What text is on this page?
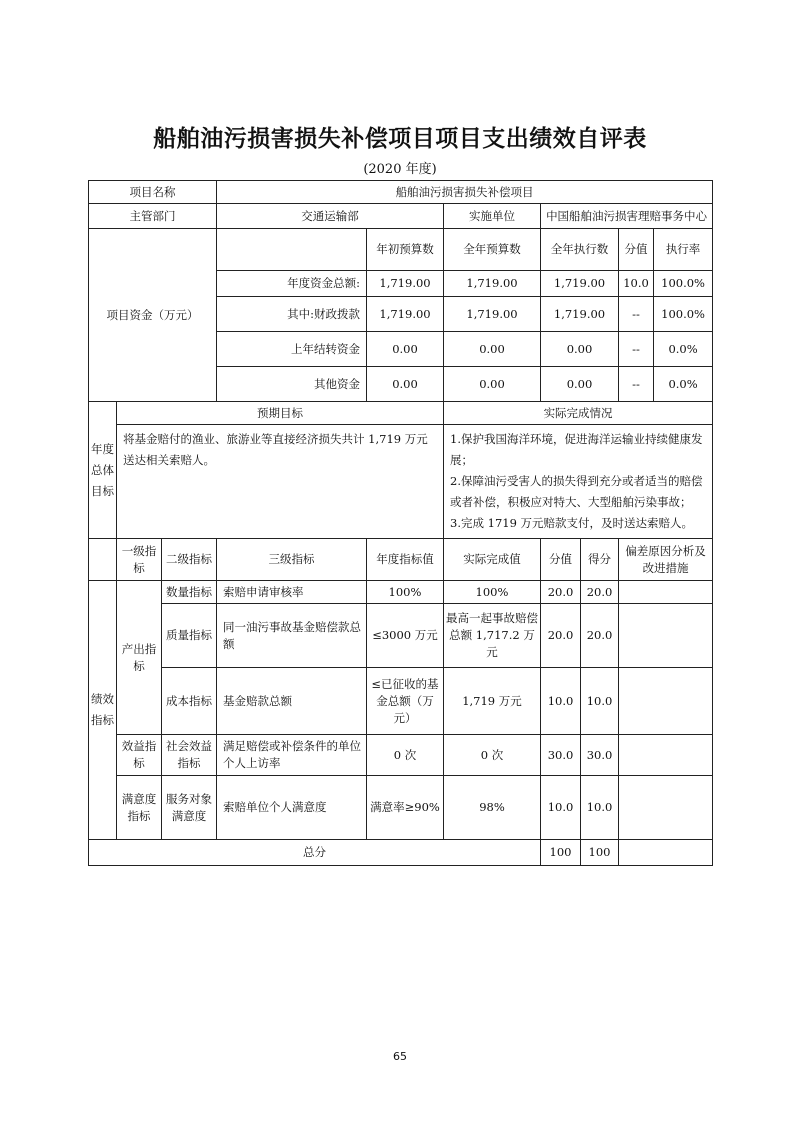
船舶油污损害损失补偿项目项目支出绩效自评表
(2020 年度)
项目名称			船舶油污损害损失补偿项目							
主管部门			交通运输部		实施单位	中国船舶油污损害理赔事务中心				
项目资金（万元）				年初预算数	全年预算数	全年执行数		分值	执行率	
			年度资金总额:	1,719.00	1,719.00	1,719.00		10.0	100.0%	
			其中:财政拨款	1,719.00	1,719.00	1,719.00		--	100.0%	
			上年结转资金	0.00	0.00	0.00		--	0.0%	
			其他资金	0.00	0.00	0.00		--	0.0%	
年度总体目标	预期目标				实际完成情况					
	将基金赔付的渔业、旅游业等直接经济损失共计 1,719 万元送达相关索赔人。				1.保护我国海洋环境，促进海洋运输业持续健康发展；
2.保障油污受害人的损失得到充分或者适当的赔偿或者补偿，积极应对特大、大型船舶污染事故；
3.完成 1719 万元赔款支付，及时送达索赔人。					

	一级指标	二级指标	三级指标	年度指标值	实际完成值	分值	得分	偏差原因分析及改进措施		
绩效指标	产出指标	数量指标	索赔申请审核率	100%	100%	20.0	20.0			
		质量指标	同一油污事故基金赔偿款总额	≤3000 万元	最高一起事故赔偿总额 1,717.2 万元	20.0	20.0			
		成本指标	基金赔款总额	≤已征收的基金总额（万元）	1,719 万元	10.0	10.0			
	效益指标	社会效益指标	满足赔偿或补偿条件的单位个人上访率	0 次	0 次	30.0	30.0			
	满意度指标	服务对象满意度	索赔单位个人满意度	满意率≥90%	98%	10.0	10.0			
总分						100	100			
65
